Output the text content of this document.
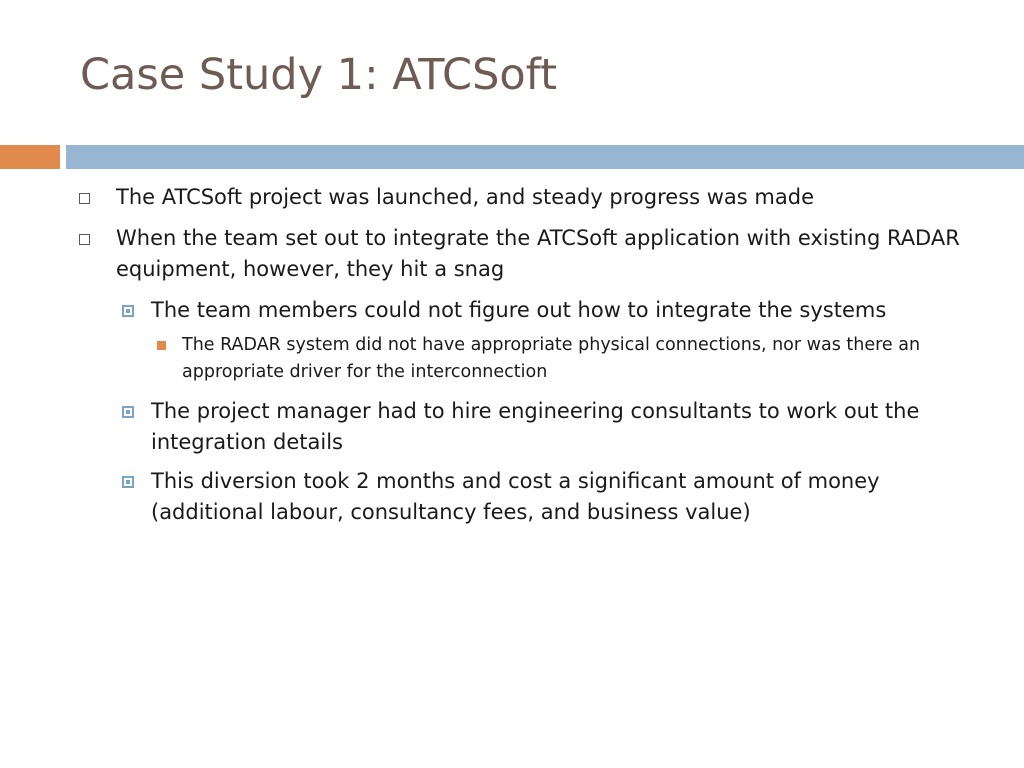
Case Study 1: ATCSoft
The ATCSoft project was launched, and steady progress was made
When the team set out to integrate the ATCSoft application with existing RADAR equipment, however, they hit a snag
The team members could not figure out how to integrate the systems
The RADAR system did not have appropriate physical connections, nor was there an appropriate driver for the interconnection
The project manager had to hire engineering consultants to work out the integration details
This diversion took 2 months and cost a significant amount of money (additional labour, consultancy fees, and business value)
